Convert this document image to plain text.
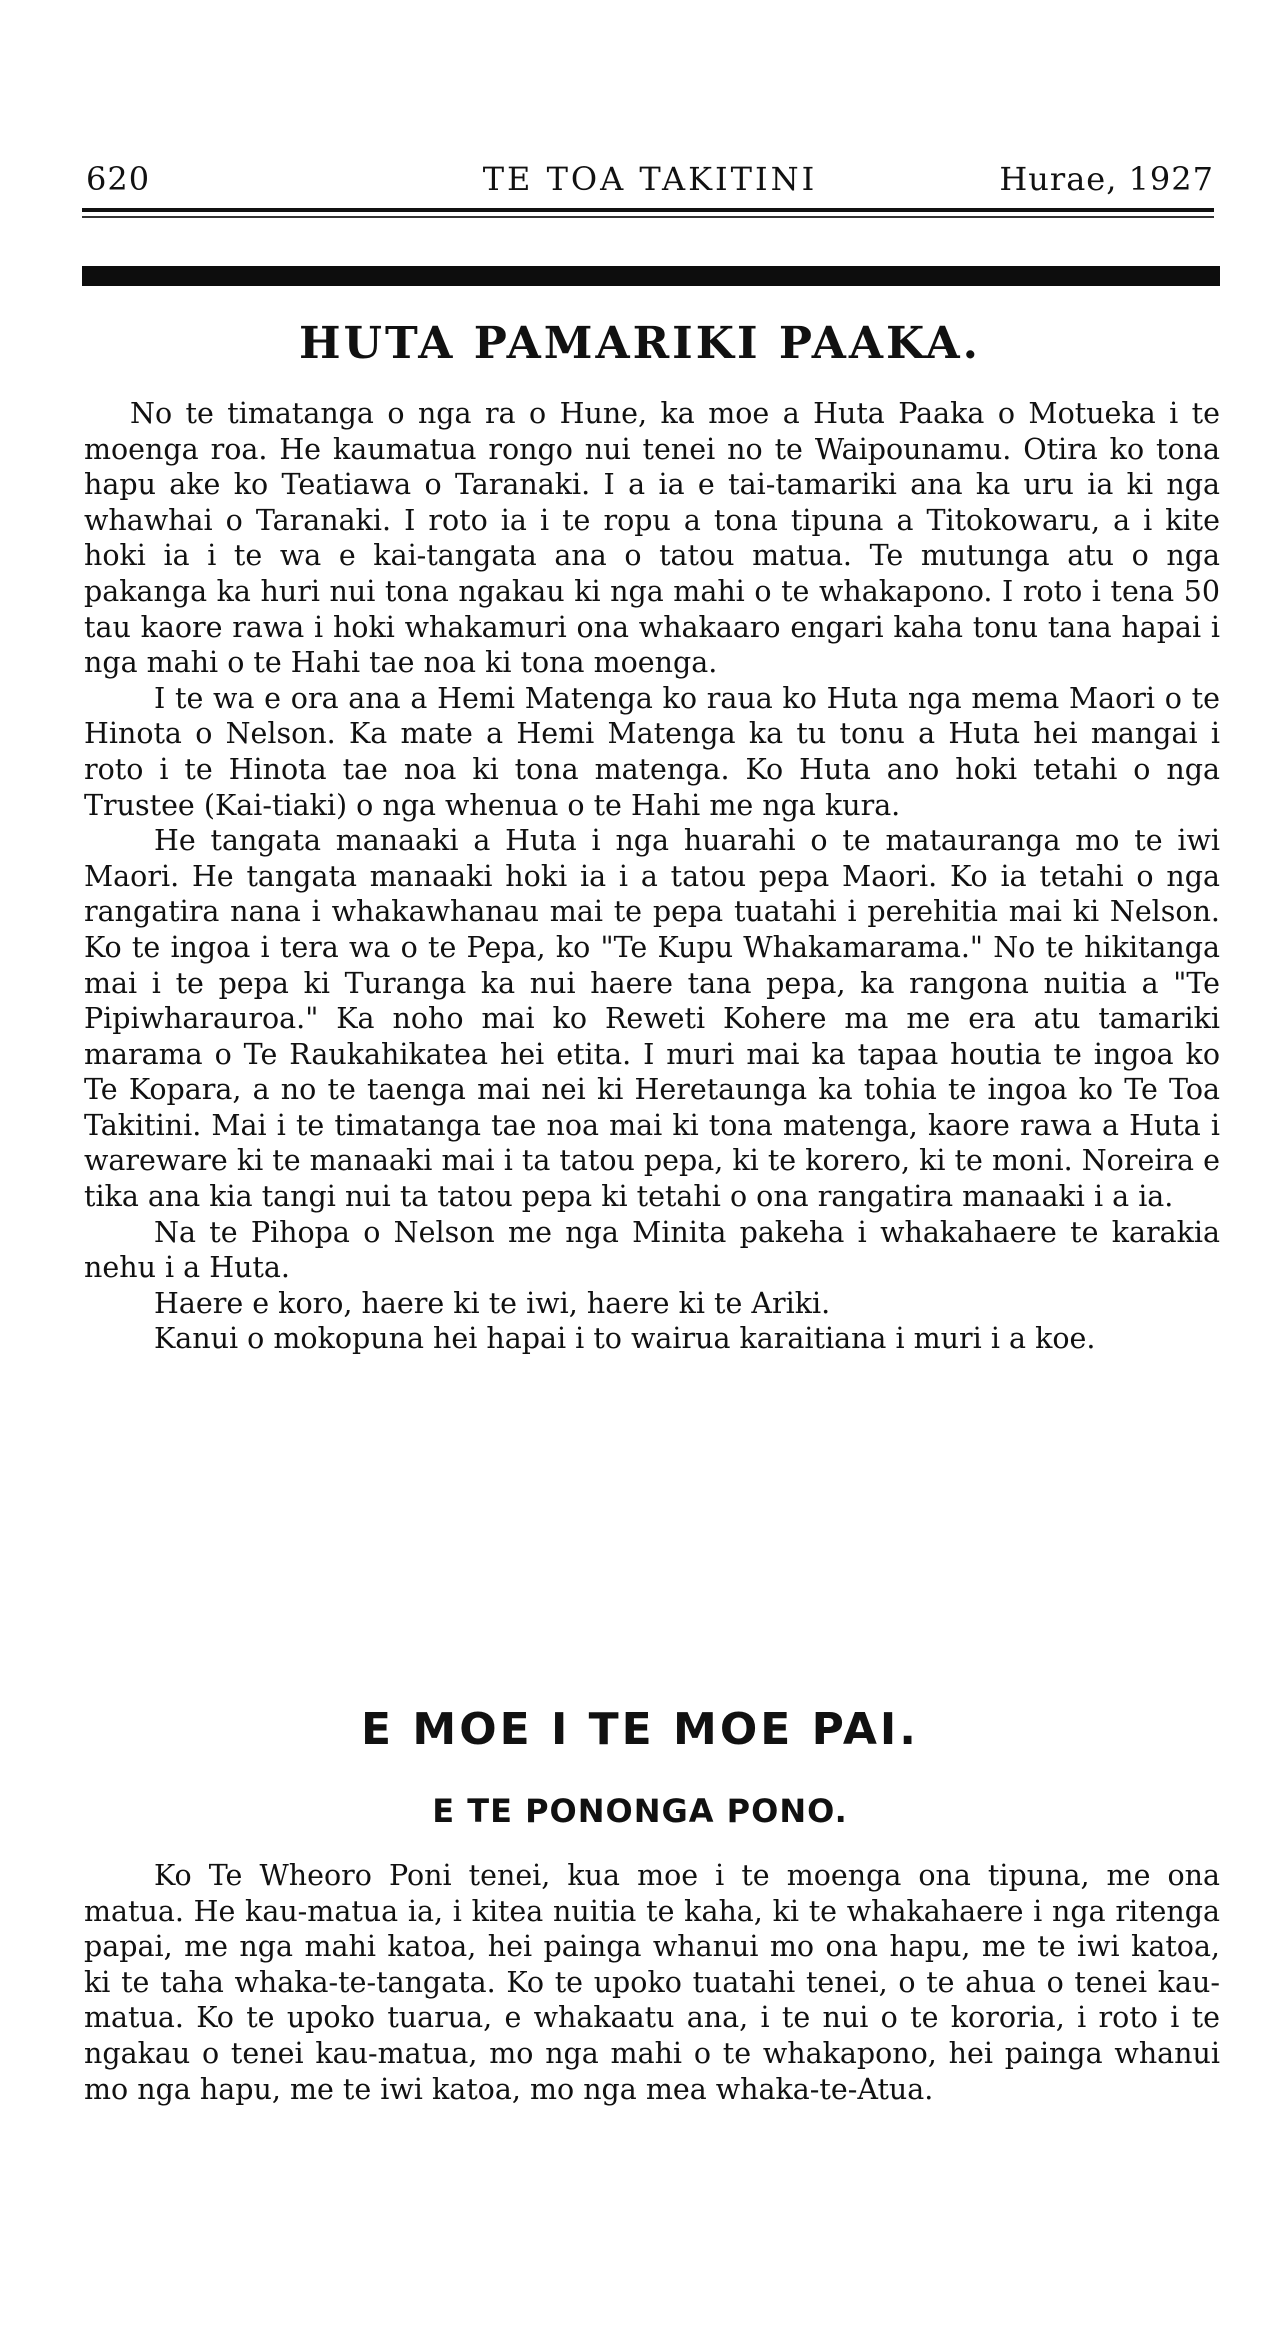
620	TE TOA TAKITINI	Hurae, 1927
HUTA PAMARIKI PAAKA.

No te timatanga o nga ra o Hune, ka moe a Huta Paaka o Motueka i te moenga roa. He kaumatua rongo nui tenei no te Waipounamu. Otira ko tona hapu ake ko Teatiawa o Taranaki. I a ia e tai-tamariki ana ka uru ia ki nga whawhai o Taranaki. I roto ia i te ropu a tona tipuna a Titokowaru, a i kite hoki ia i te wa e kai-tangata ana o tatou matua. Te mutunga atu o nga pakanga ka huri nui tona ngakau ki nga mahi o te whakapono. I roto i tena 50 tau kaore rawa i hoki whakamuri ona whakaaro engari kaha tonu tana hapai i nga mahi o te Hahi tae noa ki tona moenga.

I te wa e ora ana a Hemi Matenga ko raua ko Huta nga mema Maori o te Hinota o Nelson. Ka mate a Hemi Matenga ka tu tonu a Huta hei mangai i roto i te Hinota tae noa ki tona matenga. Ko Huta ano hoki tetahi o nga Trustee (Kai-tiaki) o nga whenua o te Hahi me nga kura.

He tangata manaaki a Huta i nga huarahi o te matauranga mo te iwi Maori. He tangata manaaki hoki ia i a tatou pepa Maori. Ko ia tetahi o nga rangatira nana i whakawhanau mai te pepa tuatahi i perehitia mai ki Nelson. Ko te ingoa i tera wa o te Pepa, ko "Te Kupu Whakamarama." No te hikitanga mai i te pepa ki Turanga ka nui haere tana pepa, ka rangona nuitia a "Te Pipiwharauroa." Ka noho mai ko Reweti Kohere ma me era atu tamariki marama o Te Raukahikatea hei etita. I muri mai ka tapaa houtia te ingoa ko Te Kopara, a no te taenga mai nei ki Heretaunga ka tohia te ingoa ko Te Toa Takitini. Mai i te timatanga tae noa mai ki tona matenga, kaore rawa a Huta i wareware ki te manaaki mai i ta tatou pepa, ki te korero, ki te moni. Noreira e tika ana kia tangi nui ta tatou pepa ki tetahi o ona rangatira manaaki i a ia.

Na te Pihopa o Nelson me nga Minita pakeha i whakahaere te karakia nehu i a Huta.

Haere e koro, haere ki te iwi, haere ki te Ariki.

Kanui o mokopuna hei hapai i to wairua karaitiana i muri i a koe.

E MOE I TE MOE PAI.
E TE PONONGA PONO.

Ko Te Wheoro Poni tenei, kua moe i te moenga ona tipuna, me ona matua. He kau-matua ia, i kitea nuitia te kaha, ki te whakahaere i nga ritenga papai, me nga mahi katoa, hei painga whanui mo ona hapu, me te iwi katoa, ki te taha whaka-te-tangata. Ko te upoko tuatahi tenei, o te ahua o tenei kau-matua. Ko te upoko tuarua, e whakaatu ana, i te nui o te kororia, i roto i te ngakau o tenei kau-matua, mo nga mahi o te whakapono, hei painga whanui mo nga hapu, me te iwi katoa, mo nga mea whaka-te-Atua.
